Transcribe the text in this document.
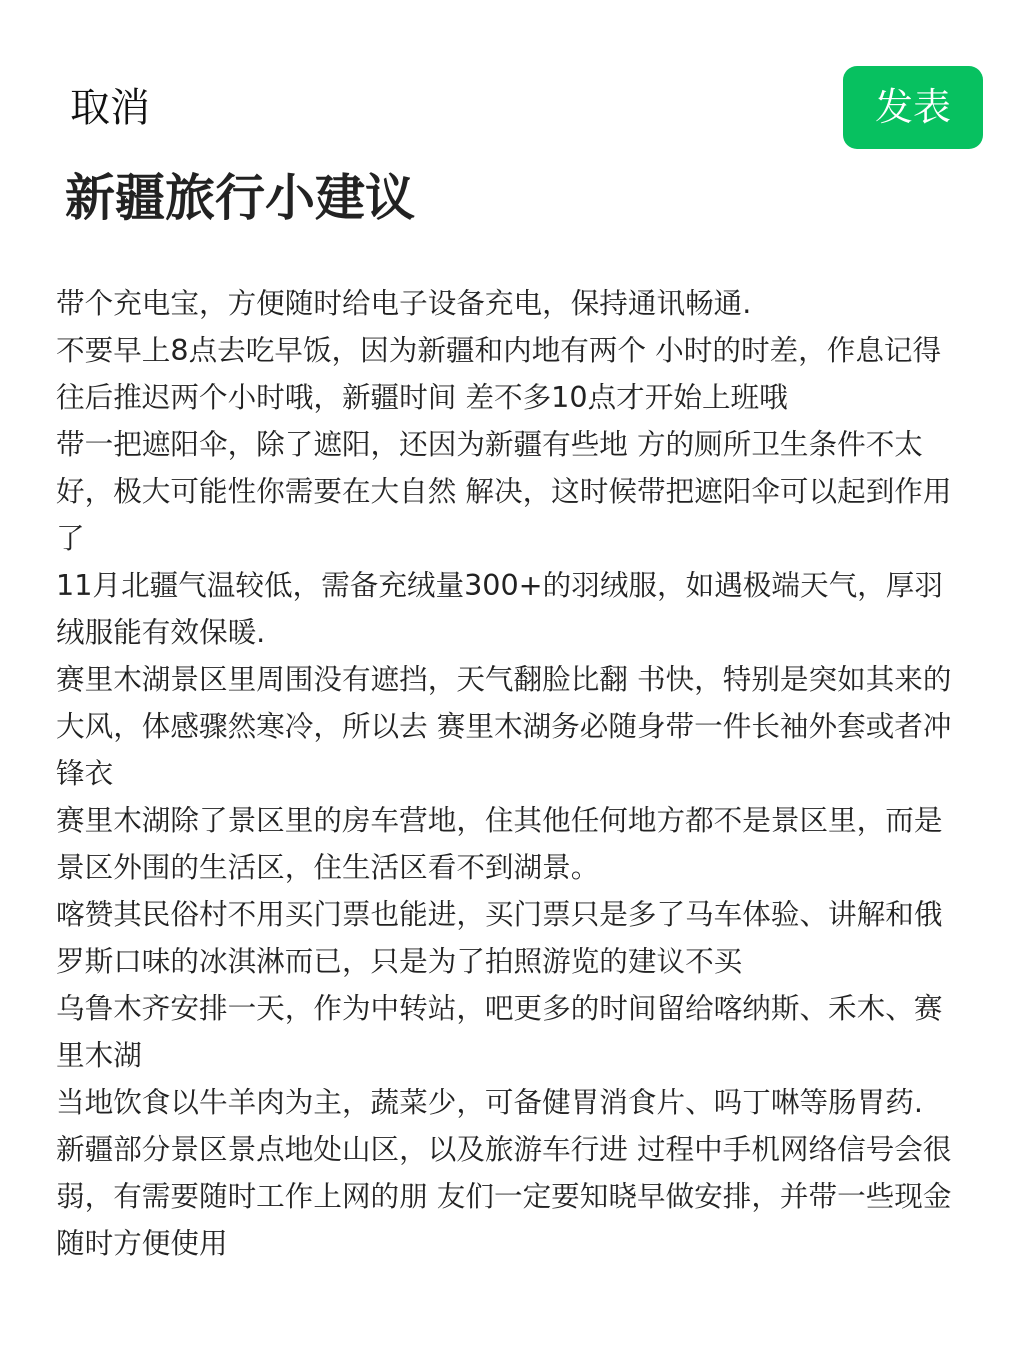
取消	发表
新疆旅行小建议

带个充电宝，方便随时给电子设备充电，保持通讯畅通.

不要早上8点去吃早饭，因为新疆和内地有两个 小时的时差，作息记得往后推迟两个小时哦，新疆时间 差不多10点才开始上班哦

带一把遮阳伞，除了遮阳，还因为新疆有些地 方的厕所卫生条件不太好，极大可能性你需要在大自然 解决，这时候带把遮阳伞可以起到作用了

11月北疆气温较低，需备充绒量300+的羽绒服，如遇极端天气，厚羽绒服能有效保暖.

赛里木湖景区里周围没有遮挡，天气翻脸比翻 书快，特别是突如其来的大风，体感骤然寒冷，所以去 赛里木湖务必随身带一件长袖外套或者冲锋衣

赛里木湖除了景区里的房车营地，住其他任何地方都不是景区里，而是景区外围的生活区，住生活区看不到湖景。

喀赞其民俗村不用买门票也能进，买门票只是多了马车体验、讲解和俄罗斯口味的冰淇淋而已，只是为了拍照游览的建议不买

乌鲁木齐安排一天，作为中转站，吧更多的时间留给喀纳斯、禾木、赛里木湖

当地饮食以牛羊肉为主，蔬菜少，可备健胃消食片、吗丁啉等肠胃药.

新疆部分景区景点地处山区，以及旅游车行进 过程中手机网络信号会很弱，有需要随时工作上网的朋 友们一定要知晓早做安排，并带一些现金随时方便使用
